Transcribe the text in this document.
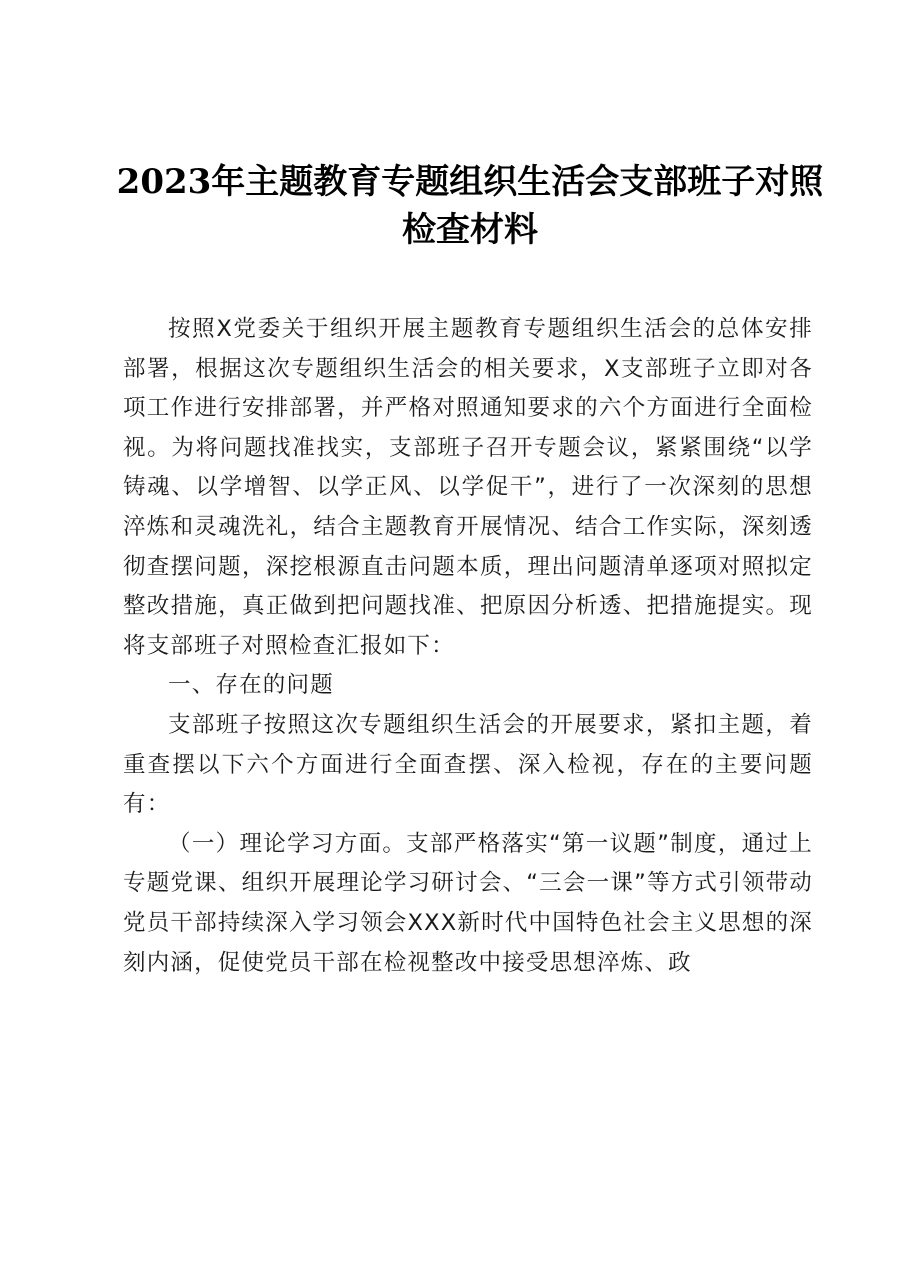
2023年主题教育专题组织生活会支部班子对照检查材料

按照X党委关于组织开展主题教育专题组织生活会的总体安排部署，根据这次专题组织生活会的相关要求，X支部班子立即对各项工作进行安排部署，并严格对照通知要求的六个方面进行全面检视。为将问题找准找实，支部班子召开专题会议，紧紧围绕“以学铸魂、以学增智、以学正风、以学促干”，进行了一次深刻的思想淬炼和灵魂洗礼，结合主题教育开展情况、结合工作实际，深刻透彻查摆问题，深挖根源直击问题本质，理出问题清单逐项对照拟定整改措施，真正做到把问题找准、把原因分析透、把措施提实。现将支部班子对照检查汇报如下：

一、存在的问题

支部班子按照这次专题组织生活会的开展要求，紧扣主题，着重查摆以下六个方面进行全面查摆、深入检视，存在的主要问题有：

（一）理论学习方面。支部严格落实“第一议题”制度，通过上专题党课、组织开展理论学习研讨会、“三会一课”等方式引领带动党员干部持续深入学习领会XXX新时代中国特色社会主义思想的深刻内涵，促使党员干部在检视整改中接受思想淬炼、政
